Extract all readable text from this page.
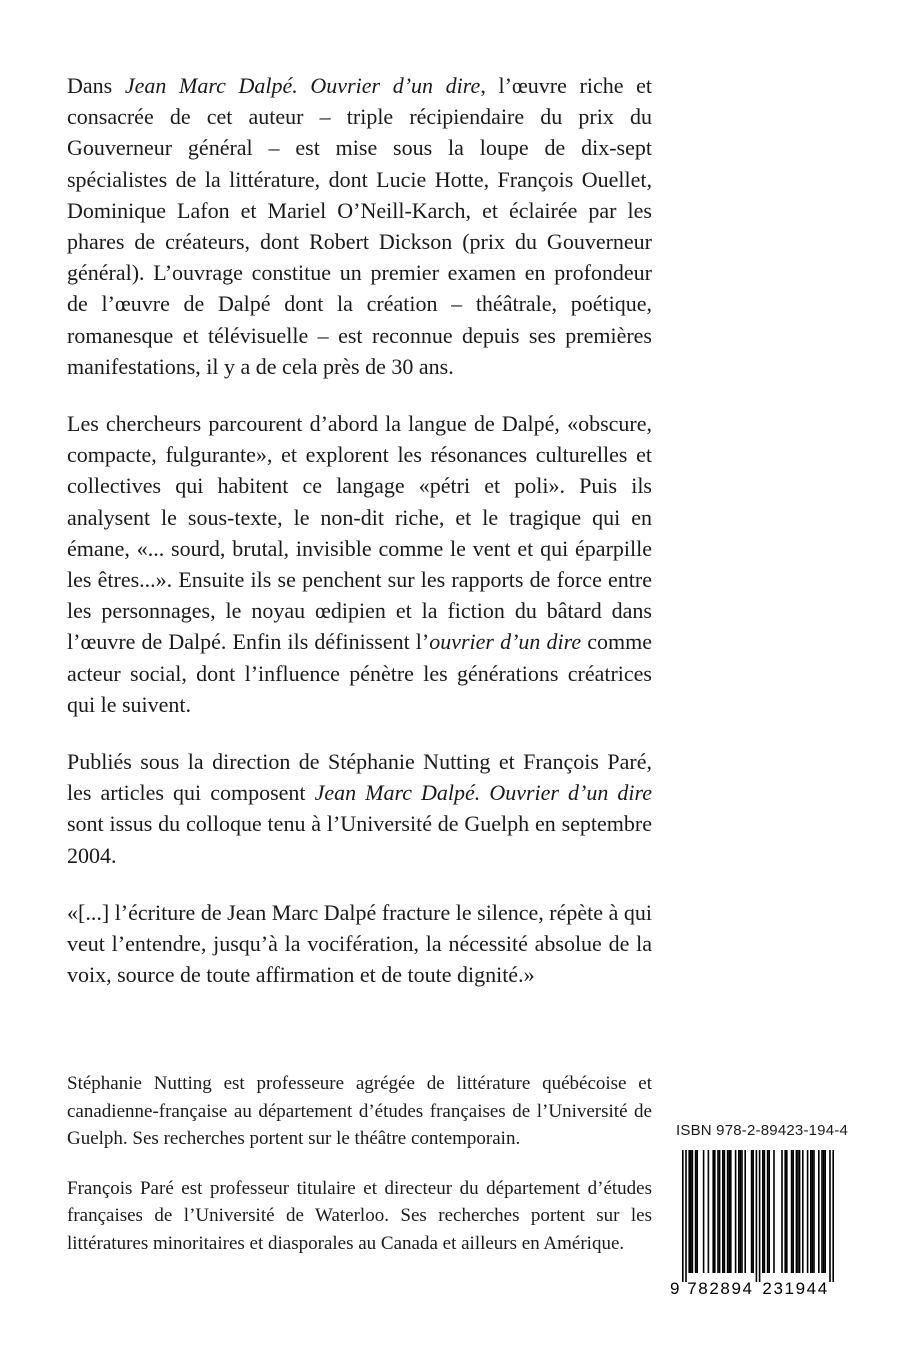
Dans Jean Marc Dalpé. Ouvrier d’un dire, l’œuvre riche et consacrée de cet auteur – triple récipiendaire du prix du Gouverneur général – est mise sous la loupe de dix-sept spécialistes de la littérature, dont Lucie Hotte, François Ouellet, Dominique Lafon et Mariel O’Neill-Karch, et éclairée par les phares de créateurs, dont Robert Dickson (prix du Gouverneur général). L’ouvrage constitue un premier examen en profondeur de l’œuvre de Dalpé dont la création – théâtrale, poétique, romanesque et télévisuelle – est reconnue depuis ses premières manifestations, il y a de cela près de 30 ans.

Les chercheurs parcourent d’abord la langue de Dalpé, «obscure, compacte, fulgurante», et explorent les résonances culturelles et collectives qui habitent ce langage «pétri et poli». Puis ils analysent le sous-texte, le non-dit riche, et le tragique qui en émane, «... sourd, brutal, invisible comme le vent et qui éparpille les êtres...». Ensuite ils se penchent sur les rapports de force entre les personnages, le noyau œdipien et la fiction du bâtard dans l’œuvre de Dalpé. Enfin ils définissent l’ouvrier d’un dire comme acteur social, dont l’influence pénètre les générations créatrices qui le suivent.

Publiés sous la direction de Stéphanie Nutting et François Paré, les articles qui composent Jean Marc Dalpé. Ouvrier d’un dire sont issus du colloque tenu à l’Université de Guelph en septembre 2004.

«[...] l’écriture de Jean Marc Dalpé fracture le silence, répète à qui veut l’entendre, jusqu’à la vocifération, la nécessité absolue de la voix, source de toute affirmation et de toute dignité.»

Stéphanie Nutting est professeure agrégée de littérature québécoise et canadienne-française au département d’études françaises de l’Université de Guelph. Ses recherches portent sur le théâtre contemporain.

François Paré est professeur titulaire et directeur du département d’études françaises de l’Université de Waterloo. Ses recherches portent sur les littératures minoritaires et diasporales au Canada et ailleurs en Amérique.

ISBN 978-2-89423-194-4
9 782894 231944
